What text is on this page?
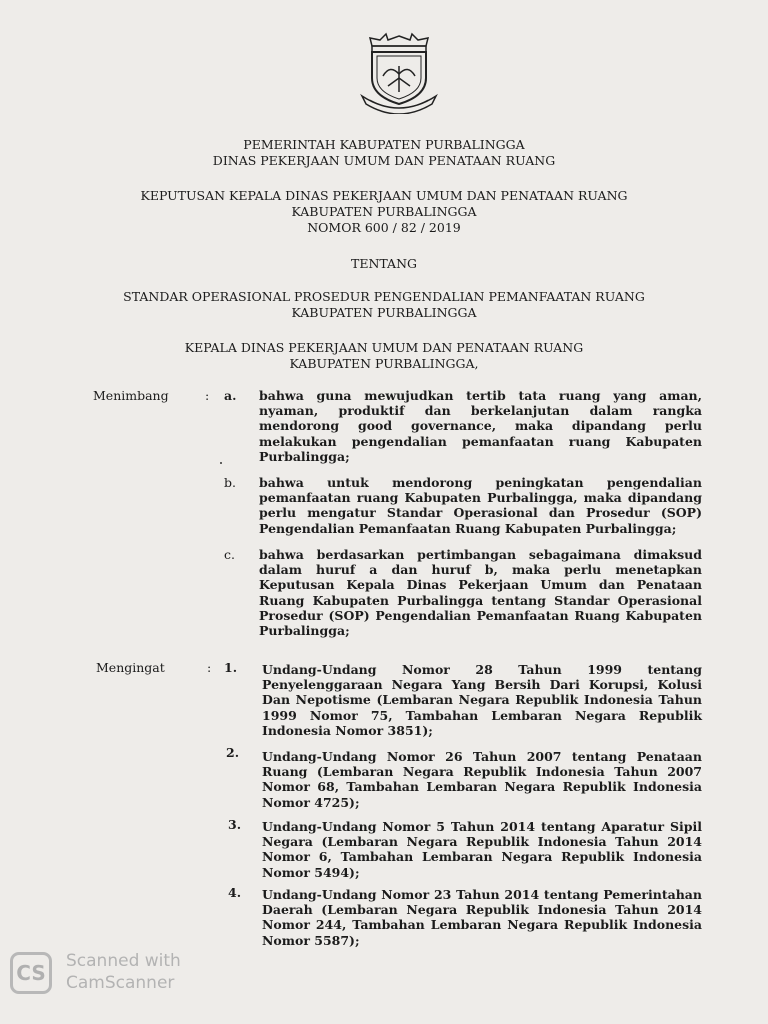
PEMERINTAH KABUPATEN PURBALINGGA
DINAS PEKERJAAN UMUM DAN PENATAAN RUANG
KEPUTUSAN KEPALA DINAS PEKERJAAN UMUM DAN PENATAAN RUANG
KABUPATEN PURBALINGGA
NOMOR 600 / 82 / 2019
TENTANG
STANDAR OPERASIONAL PROSEDUR PENGENDALIAN PEMANFAATAN RUANG
KABUPATEN PURBALINGGA
KEPALA DINAS PEKERJAAN UMUM DAN PENATAAN RUANG
KABUPATEN PURBALINGGA,
Menimbang	: a. bahwa guna mewujudkan tertib tata ruang yang aman, nyaman, produktif dan berkelanjutan dalam rangka mendorong good governance, maka dipandang perlu melakukan pengendalian pemanfaatan ruang Kabupaten Purbalingga;
b. bahwa untuk mendorong peningkatan pengendalian pemanfaatan ruang Kabupaten Purbalingga, maka dipandang perlu mengatur Standar Operasional dan Prosedur (SOP) Pengendalian Pemanfaatan Ruang Kabupaten Purbalingga;
c. bahwa berdasarkan pertimbangan sebagaimana dimaksud dalam huruf a dan huruf b, maka perlu menetapkan Keputusan Kepala Dinas Pekerjaan Umum dan Penataan Ruang Kabupaten Purbalingga tentang Standar Operasional Prosedur (SOP) Pengendalian Pemanfaatan Ruang Kabupaten Purbalingga;
Mengingat	: 1. Undang-Undang Nomor 28 Tahun 1999 tentang Penyelenggaraan Negara Yang Bersih Dari Korupsi, Kolusi Dan Nepotisme (Lembaran Negara Republik Indonesia Tahun 1999 Nomor 75, Tambahan Lembaran Negara Republik Indonesia Nomor 3851);
2. Undang-Undang Nomor 26 Tahun 2007 tentang Penataan Ruang (Lembaran Negara Republik Indonesia Tahun 2007 Nomor 68, Tambahan Lembaran Negara Republik Indonesia Nomor 4725);
3. Undang-Undang Nomor 5 Tahun 2014 tentang Aparatur Sipil Negara (Lembaran Negara Republik Indonesia Tahun 2014 Nomor 6, Tambahan Lembaran Negara Republik Indonesia Nomor 5494);
4. Undang-Undang Nomor 23 Tahun 2014 tentang Pemerintahan Daerah (Lembaran Negara Republik Indonesia Tahun 2014 Nomor 244, Tambahan Lembaran Negara Republik Indonesia Nomor 5587);
CS	Scanned with
CamScanner
